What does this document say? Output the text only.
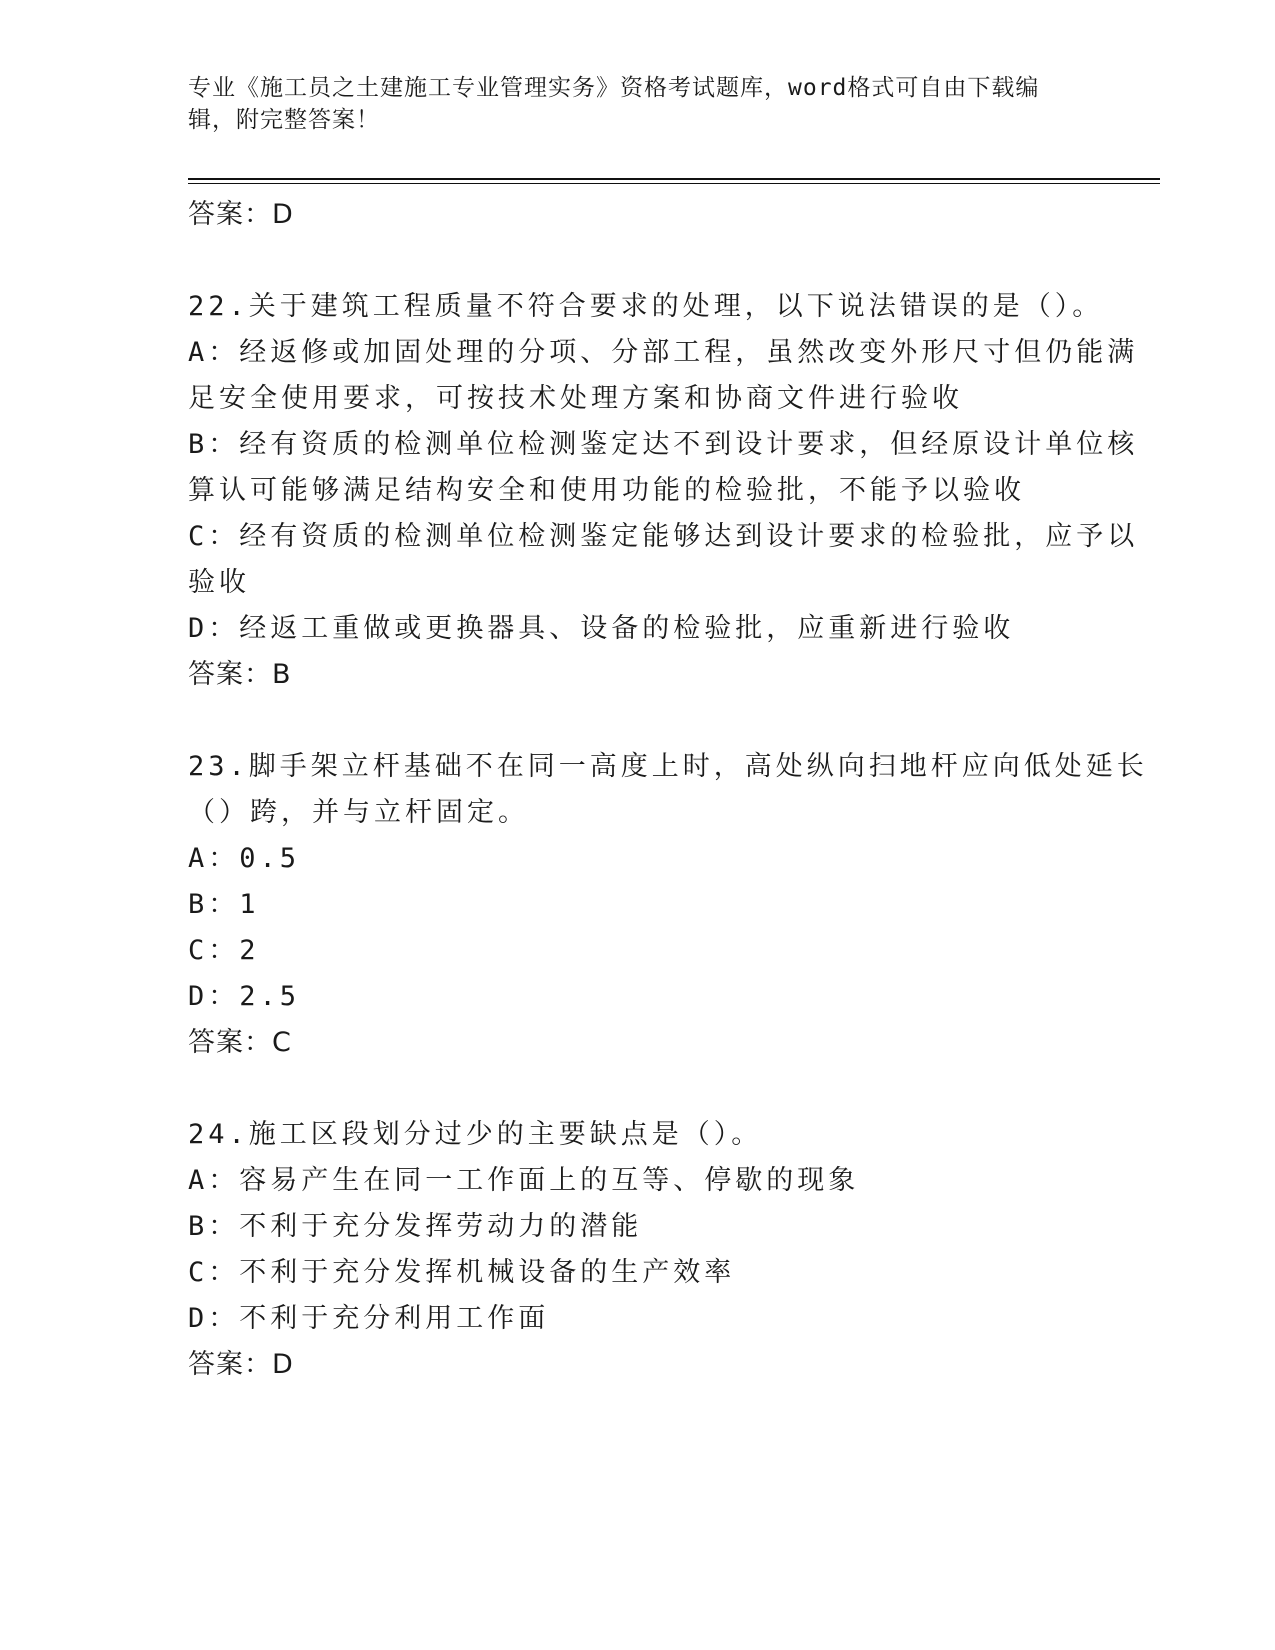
专业《施工员之土建施工专业管理实务》资格考试题库，word格式可自由下载编
辑，附完整答案！
答案：D
22.关于建筑工程质量不符合要求的处理，以下说法错误的是（）。
A：经返修或加固处理的分项、分部工程，虽然改变外形尺寸但仍能满
足安全使用要求，可按技术处理方案和协商文件进行验收
B：经有资质的检测单位检测鉴定达不到设计要求，但经原设计单位核
算认可能够满足结构安全和使用功能的检验批，不能予以验收
C：经有资质的检测单位检测鉴定能够达到设计要求的检验批，应予以
验收
D：经返工重做或更换器具、设备的检验批，应重新进行验收
答案：B
23.脚手架立杆基础不在同一高度上时，高处纵向扫地杆应向低处延长
（）跨，并与立杆固定。
A：0.5
B：1
C：2
D：2.5
答案：C
24.施工区段划分过少的主要缺点是（）。
A：容易产生在同一工作面上的互等、停歇的现象
B：不利于充分发挥劳动力的潜能
C：不利于充分发挥机械设备的生产效率
D：不利于充分利用工作面
答案：D
